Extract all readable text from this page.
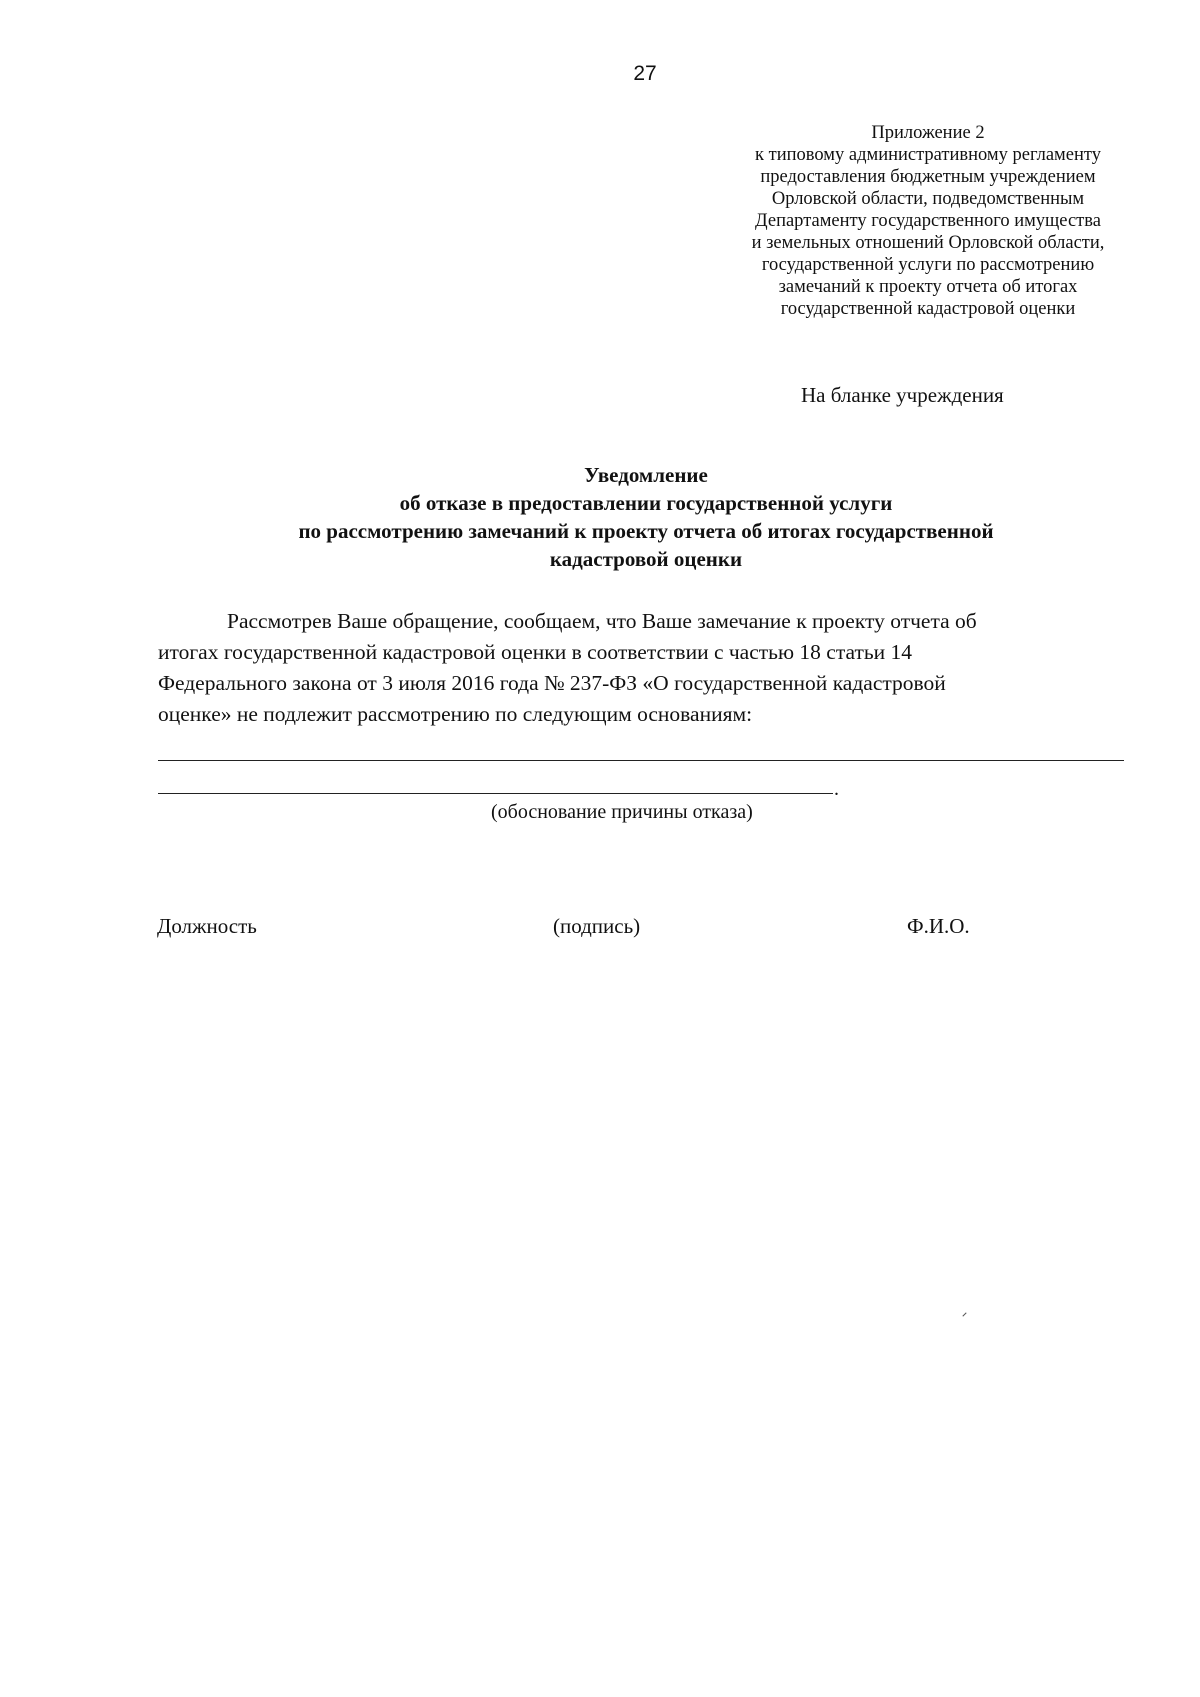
27
Приложение 2
к типовому административному регламенту
предоставления бюджетным учреждением
Орловской области, подведомственным
Департаменту государственного имущества
и земельных отношений Орловской области,
государственной услуги по рассмотрению
замечаний к проекту отчета об итогах
государственной кадастровой оценки
На бланке учреждения
Уведомление
об отказе в предоставлении государственной услуги
по рассмотрению замечаний к проекту отчета об итогах государственной
кадастровой оценки
Рассмотрев Ваше обращение, сообщаем, что Ваше замечание к проекту отчета об
итогах государственной кадастровой оценки в соответствии с частью 18 статьи 14
Федерального закона от 3 июля 2016 года № 237-ФЗ «О государственной кадастровой
оценке» не подлежит рассмотрению по следующим основаниям:
.
(обоснование причины отказа)
Должность	(подпись)	Ф.И.О.
